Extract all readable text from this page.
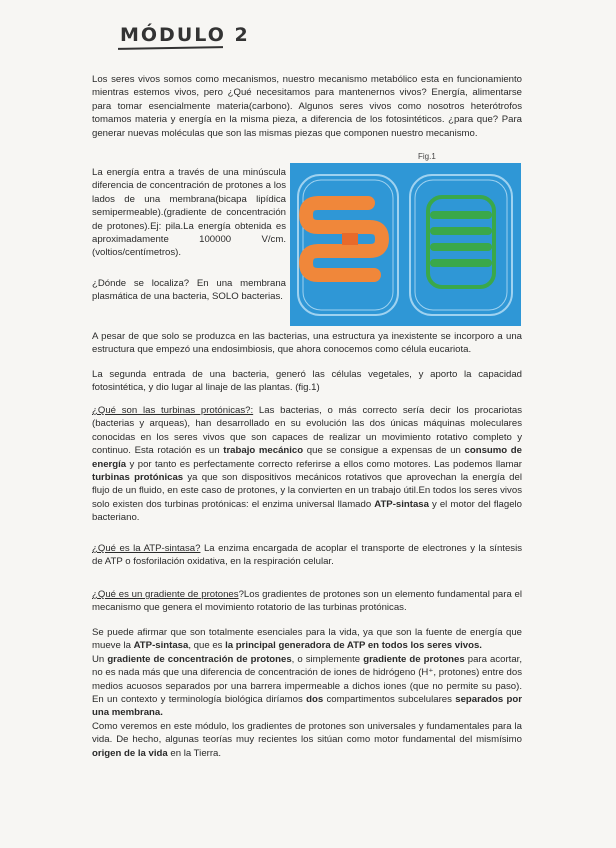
MÓDULO 2
Los seres vivos somos como mecanismos, nuestro mecanismo metabólico esta en funcionamiento mientras estemos vivos, pero ¿Qué necesitamos para mantenernos vivos? Energía, alimentarse para tomar esencialmente materia(carbono). Algunos seres vivos como nosotros heterótrofos tomamos materia y energía en la misma pieza, a diferencia de los fotosintéticos. ¿para que? Para generar nuevas moléculas que son las mismas piezas que componen nuestro mecanismo.
La energía entra a través de una minúscula diferencia de concentración de protones a los lados de una membrana(bicapa lipídica semipermeable).(gradiente de concentración de protones).Ej: pila.La energía obtenida es aproximadamente 100000 V/cm.(voltios/centímetros).
¿Dónde se localiza? En una membrana plasmática de una bacteria, SOLO bacterias.
Fig.1
A pesar de que solo se produzca en las bacterias, una estructura ya inexistente se incorporo a una estructura que empezó una endosimbiosis, que ahora conocemos como célula eucariota.
La segunda entrada de una bacteria, generó las células vegetales, y aporto la capacidad fotosintética, y dio lugar al linaje de las plantas. (fig.1)
¿Qué son las turbinas protónicas?: Las bacterias, o más correcto sería decir los procariotas (bacterias y arqueas), han desarrollado en su evolución las dos únicas máquinas moleculares conocidas en los seres vivos que son capaces de realizar un movimiento rotativo completo y continuo. Esta rotación es un trabajo mecánico que se consigue a expensas de un consumo de energía y por tanto es perfectamente correcto referirse a ellos como motores. Las podemos llamar turbinas protónicas ya que son dispositivos mecánicos rotativos que aprovechan la energía del flujo de un fluido, en este caso de protones, y la convierten en un trabajo útil.En todos los seres vivos solo existen dos turbinas protónicas: el enzima universal llamado ATP-sintasa y el motor del flagelo bacteriano.
¿Qué es la ATP-sintasa? La enzima encargada de acoplar el transporte de electrones y la síntesis de ATP o fosforilación oxidativa, en la respiración celular.
¿Qué es un gradiente de protones?Los gradientes de protones son un elemento fundamental para el mecanismo que genera el movimiento rotatorio de las turbinas protónicas.
Se puede afirmar que son totalmente esenciales para la vida, ya que son la fuente de energía que mueve la ATP-sintasa, que es la principal generadora de ATP en todos los seres vivos.
Un gradiente de concentración de protones, o simplemente gradiente de protones para acortar, no es nada más que una diferencia de concentración de iones de hidrógeno (H⁺, protones) entre dos medios acuosos separados por una barrera impermeable a dichos iones (que no permite su paso). En un contexto y terminología biológica diríamos dos compartimentos subcelulares separados por una membrana.
Como veremos en este módulo, los gradientes de protones son universales y fundamentales para la vida. De hecho, algunas teorías muy recientes los sitúan como motor fundamental del mismísimo origen de la vida en la Tierra.
